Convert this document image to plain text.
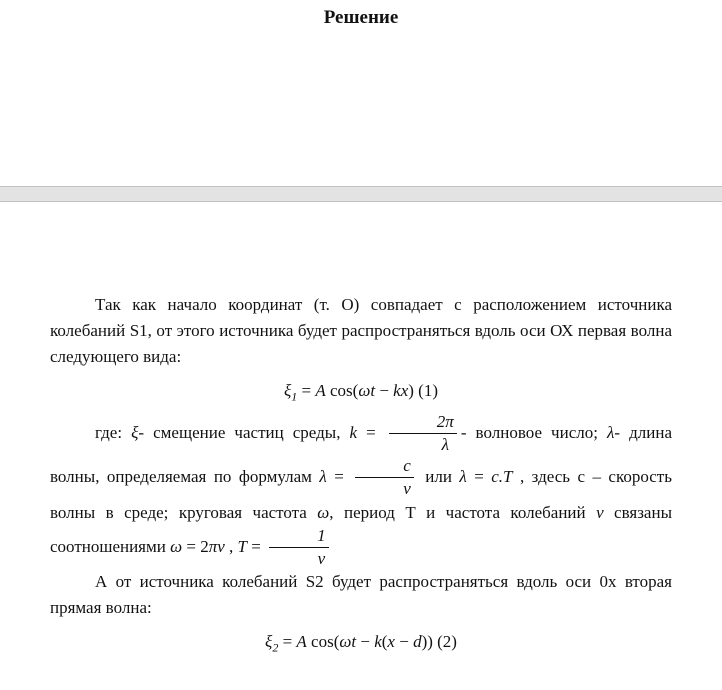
Решение

Так как начало координат (т. О) совпадает с расположением источника колебаний S1, от этого источника будет распространяться вдоль оси ОХ первая волна следующего вида:

$\xi_1 = A$ cos(ωt − kx) (1)

где: ξ- смещение частиц среды, $k = \frac{2\pi}{\lambda}$ - волновое число; λ- длина волны, определяемая по формулам $\lambda = \frac{c}{\nu}$ или λ = c.T , здесь с – скорость волны в среде; круговая частота ω, период Т и частота колебаний ν связаны соотношениями ω = 2πν , $T = \frac{1}{\nu}$

А от источника колебаний S2 будет распространяться вдоль оси 0x вторая прямая волна:

$\xi_2 = A$ cos(ωt − k(x − d)) (2)
